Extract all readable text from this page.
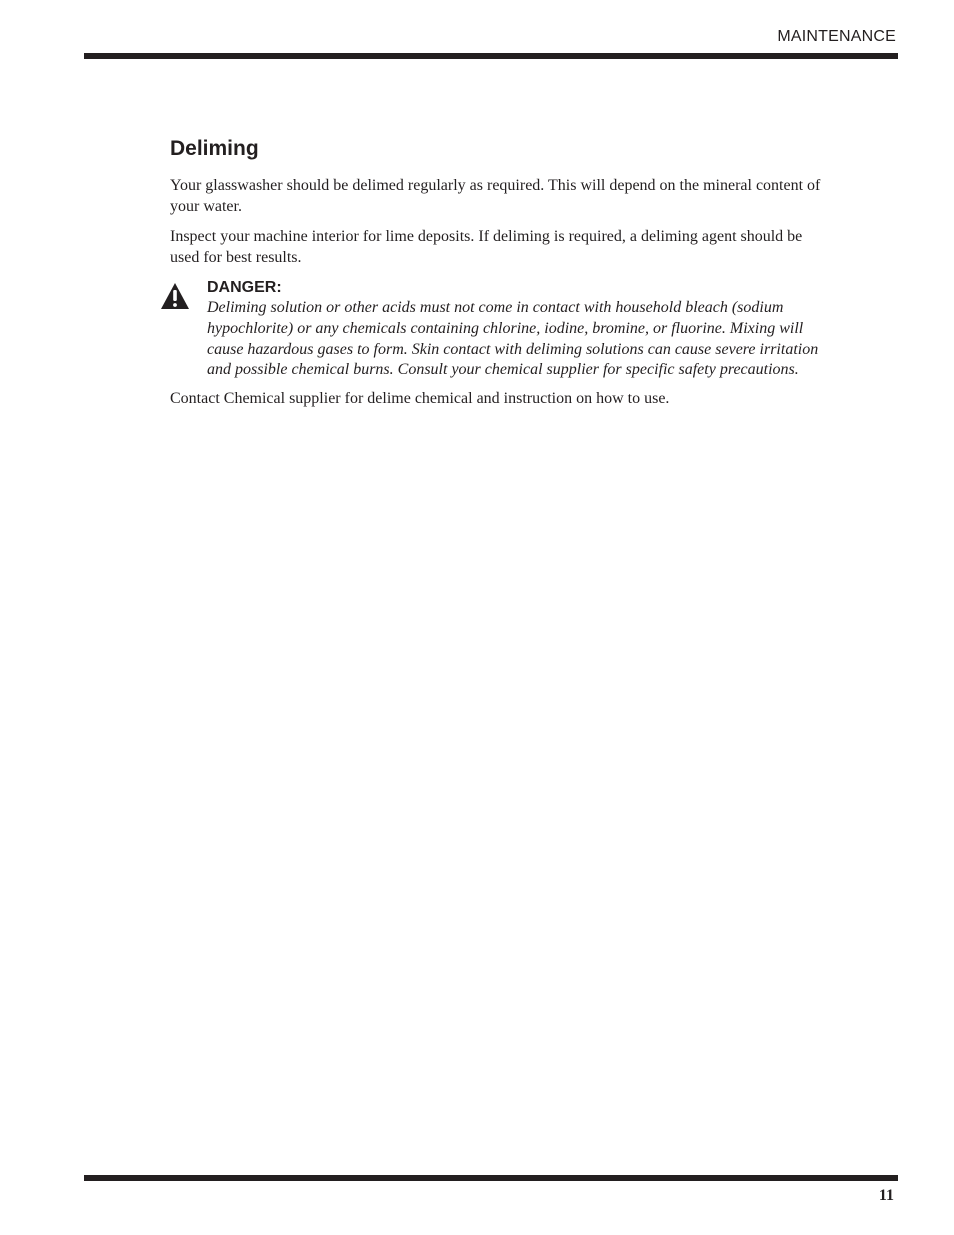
MAINTENANCE
Deliming

Your glasswasher should be delimed regularly as required. This will depend on the mineral content of your water.

Inspect your machine interior for lime deposits. If deliming is required, a deliming agent should be used for best results.

DANGER:

Deliming solution or other acids must not come in contact with household bleach (sodium hypochlorite) or any chemicals containing chlorine, iodine, bromine, or fluorine. Mixing will cause hazardous gases to form. Skin contact with deliming solutions can cause severe irritation and possible chemical burns. Consult your chemical supplier for specific safety precautions.

Contact Chemical supplier for delime chemical and instruction on how to use.

11
